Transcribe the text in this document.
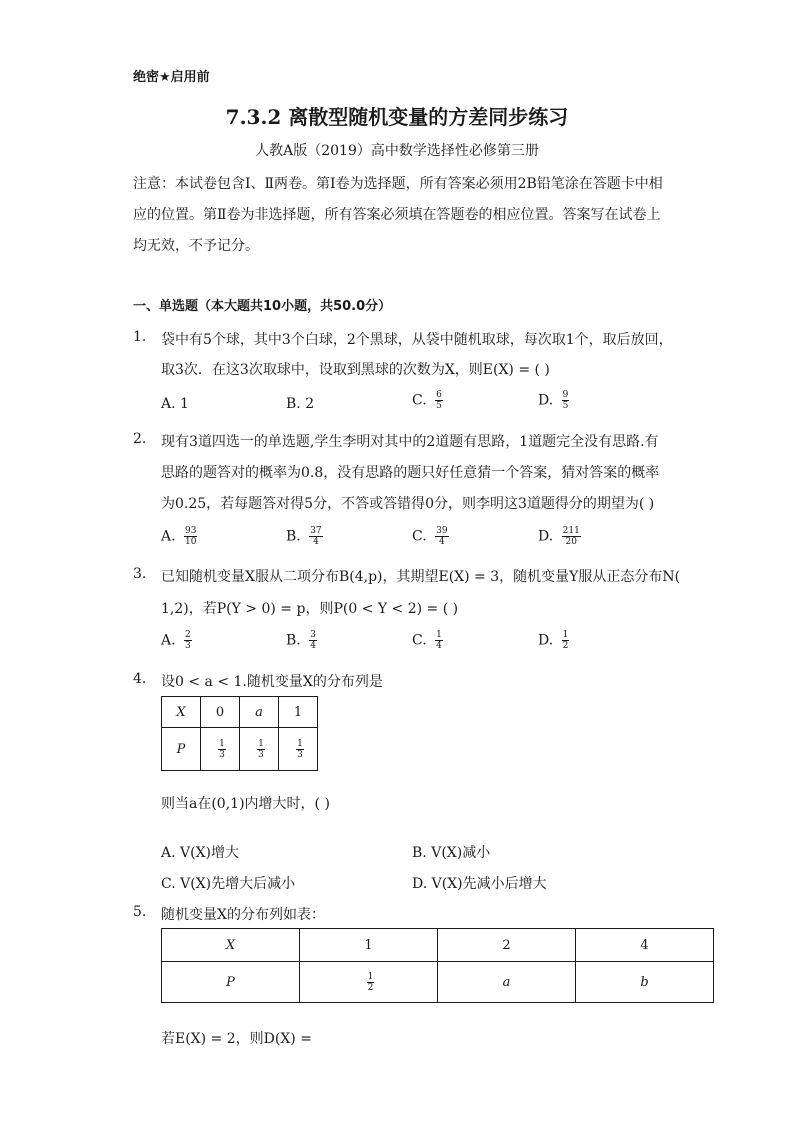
绝密★启用前
7.3.2 离散型随机变量的方差同步练习
人教A版（2019）高中数学选择性必修第三册
注意：本试卷包含Ⅰ、Ⅱ两卷。第Ⅰ卷为选择题，所有答案必须用2B铅笔涂在答题卡中相应的位置。第Ⅱ卷为非选择题，所有答案必须填在答题卷的相应位置。答案写在试卷上均无效，不予记分。
一、单选题（本大题共10小题，共50.0分）
1. 袋中有5个球，其中3个白球，2个黑球，从袋中随机取球，每次取1个，取后放回，
取3次．在这3次取球中，设取到黑球的次数为X，则E(X) = ( )
A. 1	B. 2	C. $\frac{6}{5}$	D. $\frac{9}{5}$
2. 现有3道四选一的单选题,学生李明对其中的2道题有思路，1道题完全没有思路.有
思路的题答对的概率为0.8，没有思路的题只好任意猜一个答案，猜对答案的概率
为0.25，若每题答对得5分，不答或答错得0分，则李明这3道题得分的期望为( )
A. $\frac{93}{10}$	B. $\frac{37}{4}$	C. $\frac{39}{4}$	D. $\frac{211}{20}$
3. 已知随机变量X服从二项分布B(4,p)，其期望E(X) = 3，随机变量Y服从正态分布N(
1,2)，若P(Y > 0) = p，则P(0 < Y < 2) = ( )
A. $\frac{2}{3}$	B. $\frac{3}{4}$	C. $\frac{1}{4}$	D. $\frac{1}{2}$
4. 设0 < a < 1.随机变量X的分布列是
X	0	a	1
P	$\frac{1}{3}$	$\frac{1}{3}$	$\frac{1}{3}$
则当a在(0,1)内增大时，( )
A. V(X)增大	B. V(X)减小
C. V(X)先增大后减小	D. V(X)先减小后增大
5. 随机变量X的分布列如表：
X	1	2	4
P	$\frac{1}{2}$	a	b
若E(X) = 2，则D(X) =
